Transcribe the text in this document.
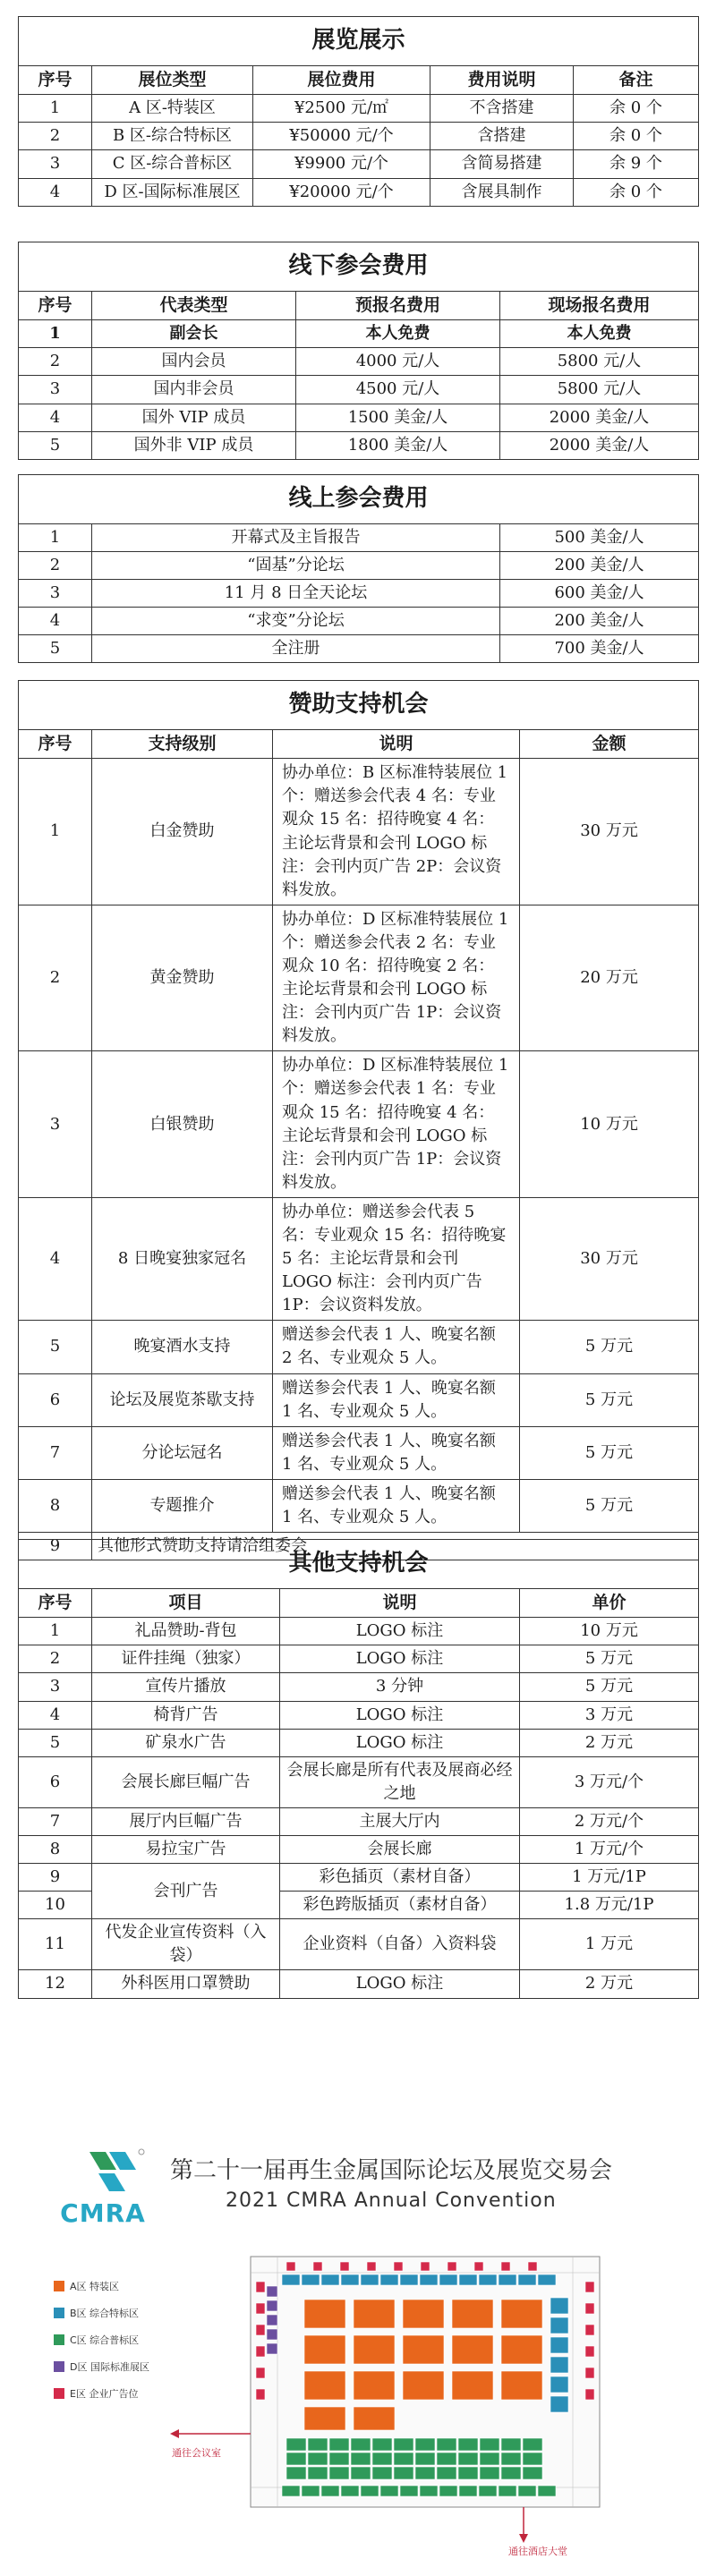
展览展示				
序号	展位类型	展位费用	费用说明	备注
1	A 区-特装区	¥2500 元/㎡	不含搭建	余 0 个
2	B 区-综合特标区	¥50000 元/个	含搭建	余 0 个
3	C 区-综合普标区	¥9900 元/个	含简易搭建	余 9 个
4	D 区-国际标准展区	¥20000 元/个	含展具制作	余 0 个
线下参会费用			
序号	代表类型	预报名费用	现场报名费用
1	副会长	本人免费	本人免费
2	国内会员	4000 元/人	5800 元/人
3	国内非会员	4500 元/人	5800 元/人
4	国外 VIP 成员	1500 美金/人	2000 美金/人
5	国外非 VIP 成员	1800 美金/人	2000 美金/人
线上参会费用		
1	开幕式及主旨报告	500 美金/人
2	“固基”分论坛	200 美金/人
3	11 月 8 日全天论坛	600 美金/人
4	“求变”分论坛	200 美金/人
5	全注册	700 美金/人
赞助支持机会			
序号	支持级别	说明	金额
1	白金赞助	协办单位：B 区标准特装展位 1 个：赠送参会代表 4 名：专业观众 15 名：招待晚宴 4 名：主论坛背景和会刊 LOGO 标注：会刊内页广告 2P：会议资料发放。	30 万元
2	黄金赞助	协办单位：D 区标准特装展位 1 个：赠送参会代表 2 名：专业观众 10 名：招待晚宴 2 名：主论坛背景和会刊 LOGO 标注：会刊内页广告 1P：会议资料发放。	20 万元
3	白银赞助	协办单位：D 区标准特装展位 1 个：赠送参会代表 1 名：专业观众 15 名：招待晚宴 4 名：主论坛背景和会刊 LOGO 标注：会刊内页广告 1P：会议资料发放。	10 万元
4	8 日晚宴独家冠名	协办单位：赠送参会代表 5 名：专业观众 15 名：招待晚宴 5 名：主论坛背景和会刊 LOGO 标注：会刊内页广告 1P：会议资料发放。	30 万元
5	晚宴酒水支持	赠送参会代表 1 人、晚宴名额 2 名、专业观众 5 人。	5 万元
6	论坛及展览茶歇支持	赠送参会代表 1 人、晚宴名额 1 名、专业观众 5 人。	5 万元
7	分论坛冠名	赠送参会代表 1 人、晚宴名额 1 名、专业观众 5 人。	5 万元
8	专题推介	赠送参会代表 1 人、晚宴名额 1 名、专业观众 5 人。	5 万元
9	其他形式赞助支持请洽组委会		
其他支持机会			
序号	项目	说明	单价
1	礼品赞助-背包	LOGO 标注	10 万元
2	证件挂绳（独家）	LOGO 标注	5 万元
3	宣传片播放	3 分钟	5 万元
4	椅背广告	LOGO 标注	3 万元
5	矿泉水广告	LOGO 标注	2 万元
6	会展长廊巨幅广告	会展长廊是所有代表及展商必经之地	3 万元/个
7	展厅内巨幅广告	主展大厅内	2 万元/个
8	易拉宝广告	会展长廊	1 万元/个
9	会刊广告	彩色插页（素材自备）	1 万元/1P
10		彩色跨版插页（素材自备）	1.8 万元/1P
11	代发企业宣传资料（入袋）	企业资料（自备）入资料袋	1 万元
12	外科医用口罩赞助	LOGO 标注	2 万元
CMRA
第二十一届再生金属国际论坛及展览交易会
2021 CMRA Annual Convention
A区 特装区
B区 综合特标区
C区 综合普标区
D区 国际标准展区
E区 企业广告位
通往会议室
通往酒店大堂
